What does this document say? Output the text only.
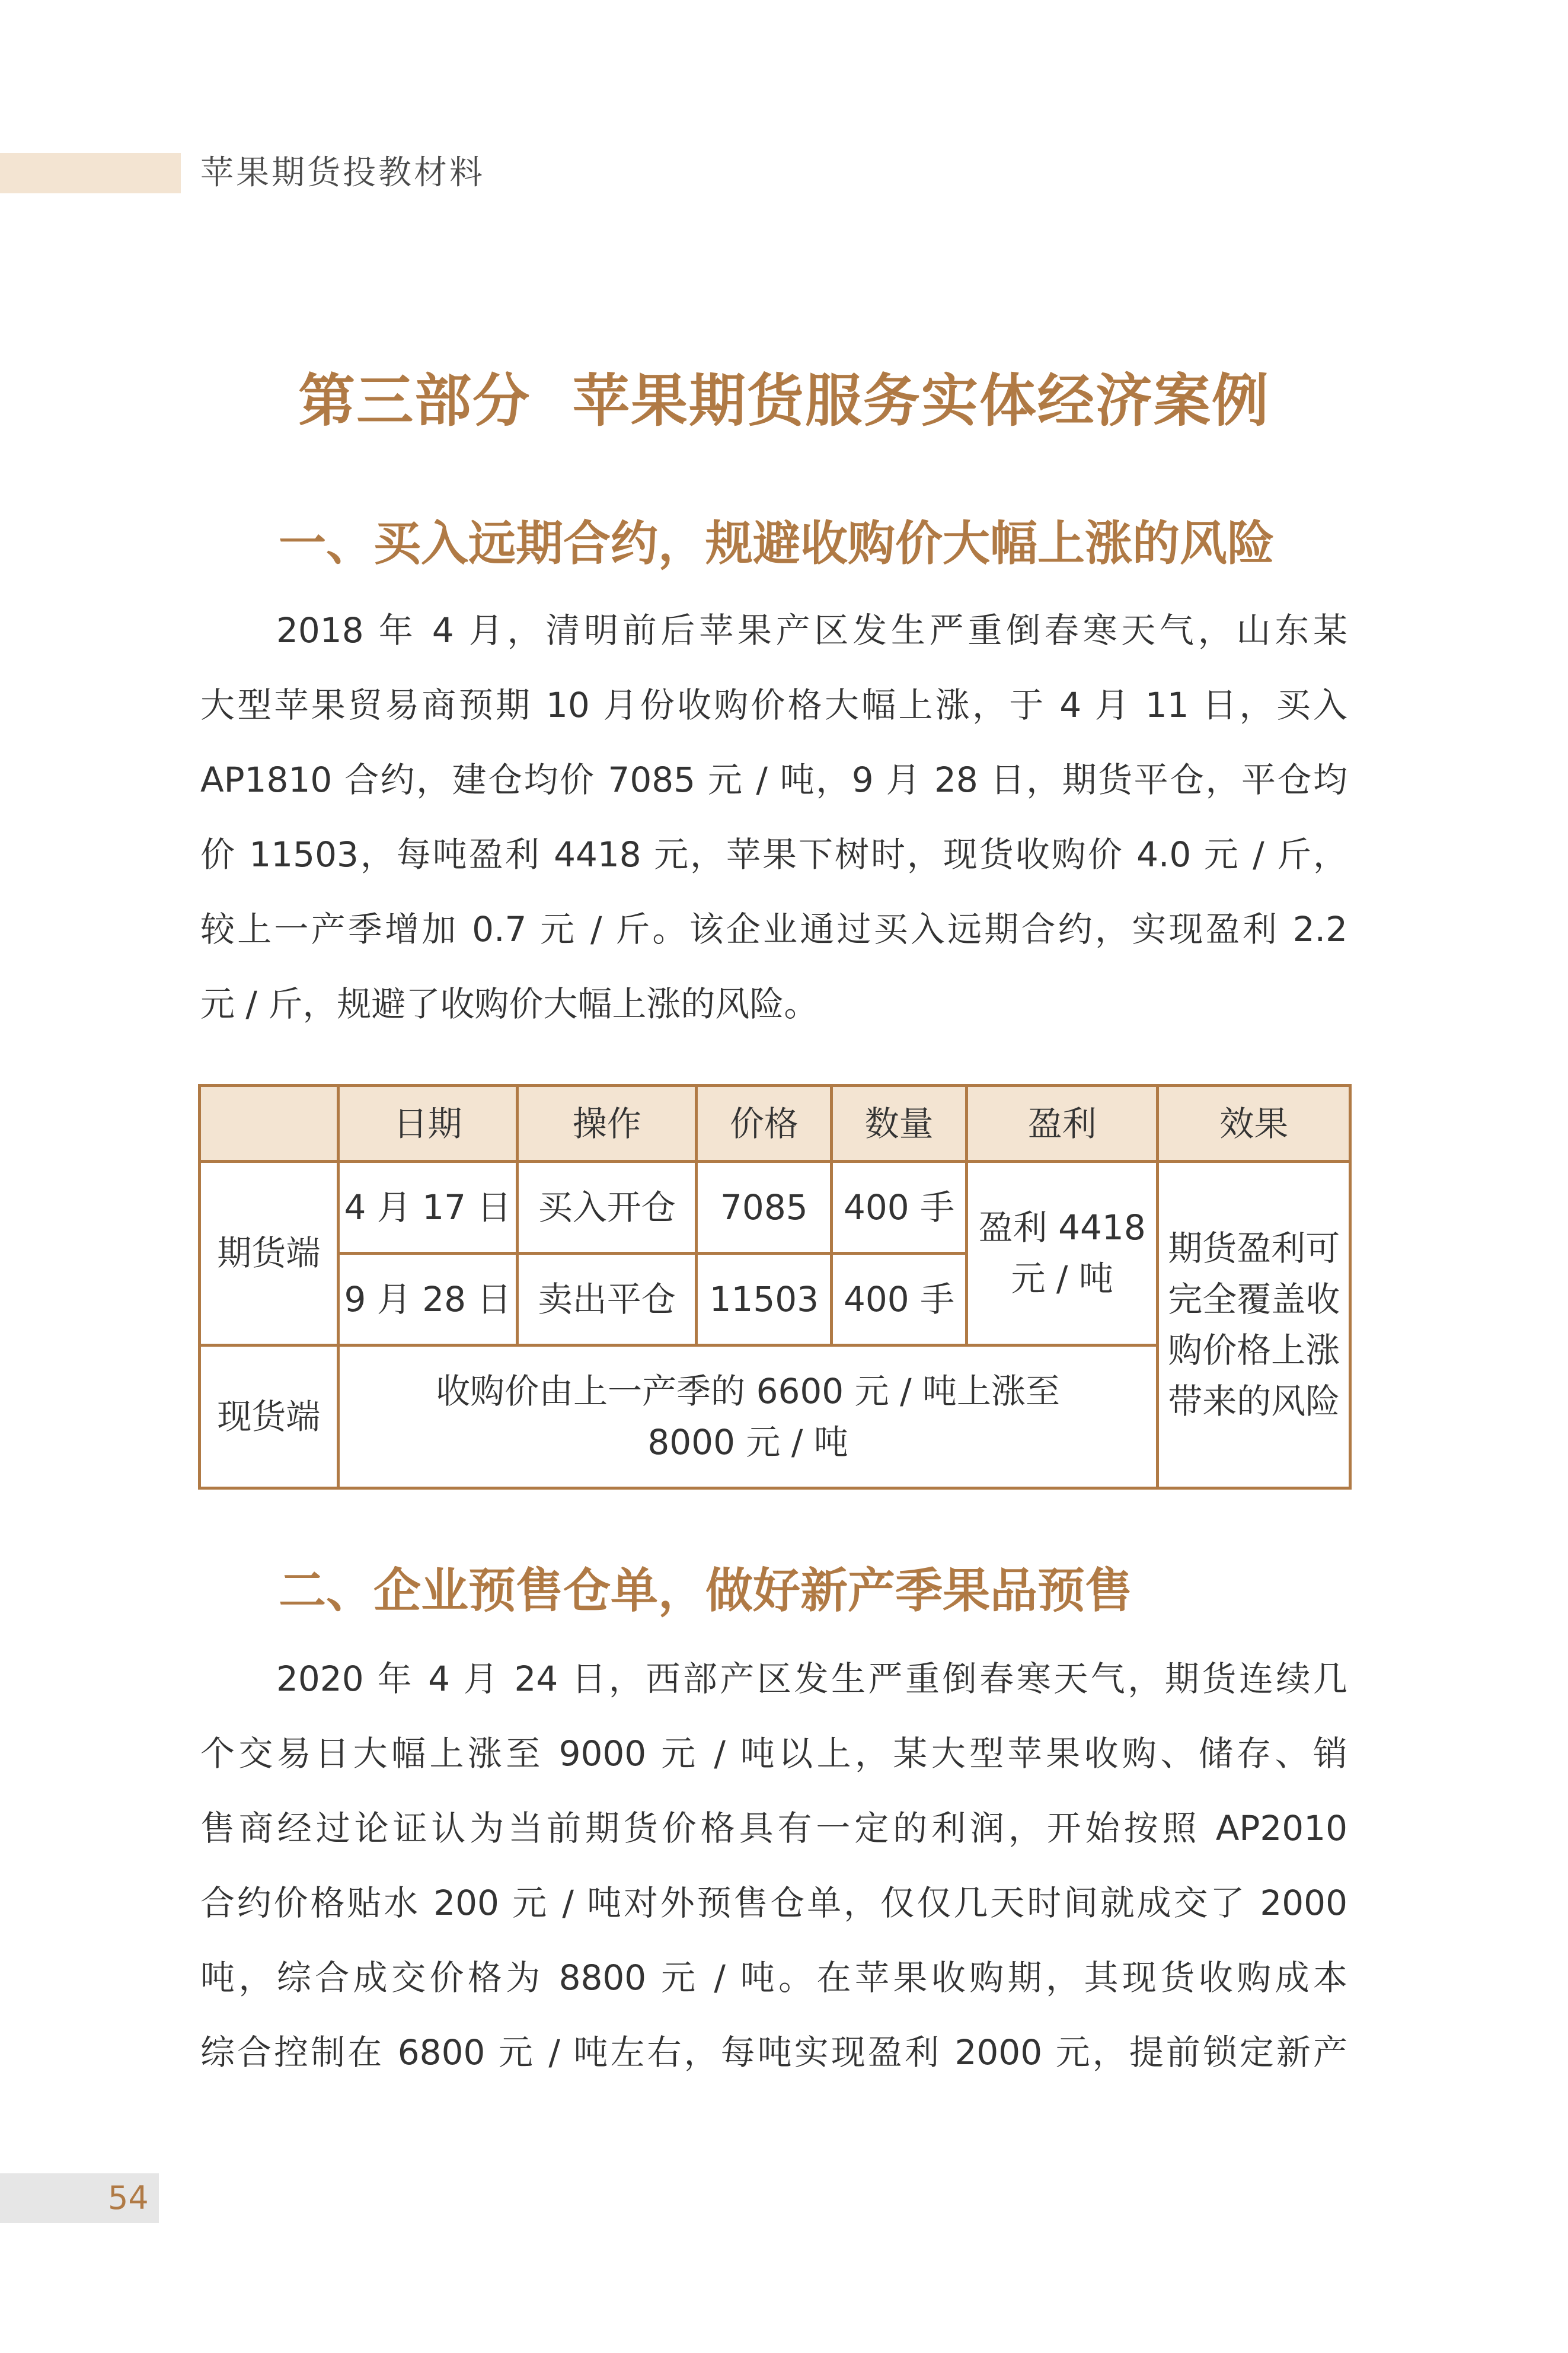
苹果期货投教材料
第三部分  苹果期货服务实体经济案例
一、买入远期合约，规避收购价大幅上涨的风险
2018 年 4 月，清明前后苹果产区发生严重倒春寒天气，山东某
大型苹果贸易商预期 10 月份收购价格大幅上涨，于 4 月 11 日，买入
AP1810 合约，建仓均价 7085 元 / 吨，9 月 28 日，期货平仓，平仓均
价 11503，每吨盈利 4418 元，苹果下树时，现货收购价 4.0 元 / 斤，
较上一产季增加 0.7 元 / 斤。该企业通过买入远期合约，实现盈利 2.2
元 / 斤，规避了收购价大幅上涨的风险。
	日期	操作	价格	数量	盈利	效果
期货端	4 月 17 日	买入开仓	7085	400 手	盈利 4418 元 / 吨	期货盈利可完全覆盖收购价格上涨带来的风险
	9 月 28 日	卖出平仓	11503	400 手		
现货端	收购价由上一产季的 6600 元 / 吨上涨至 8000 元 / 吨					
二、企业预售仓单，做好新产季果品预售
2020 年 4 月 24 日，西部产区发生严重倒春寒天气，期货连续几
个交易日大幅上涨至 9000 元 / 吨以上，某大型苹果收购、储存、销
售商经过论证认为当前期货价格具有一定的利润，开始按照 AP2010
合约价格贴水 200 元 / 吨对外预售仓单，仅仅几天时间就成交了 2000
吨，综合成交价格为 8800 元 / 吨。在苹果收购期，其现货收购成本
综合控制在 6800 元 / 吨左右，每吨实现盈利 2000 元，提前锁定新产
54
